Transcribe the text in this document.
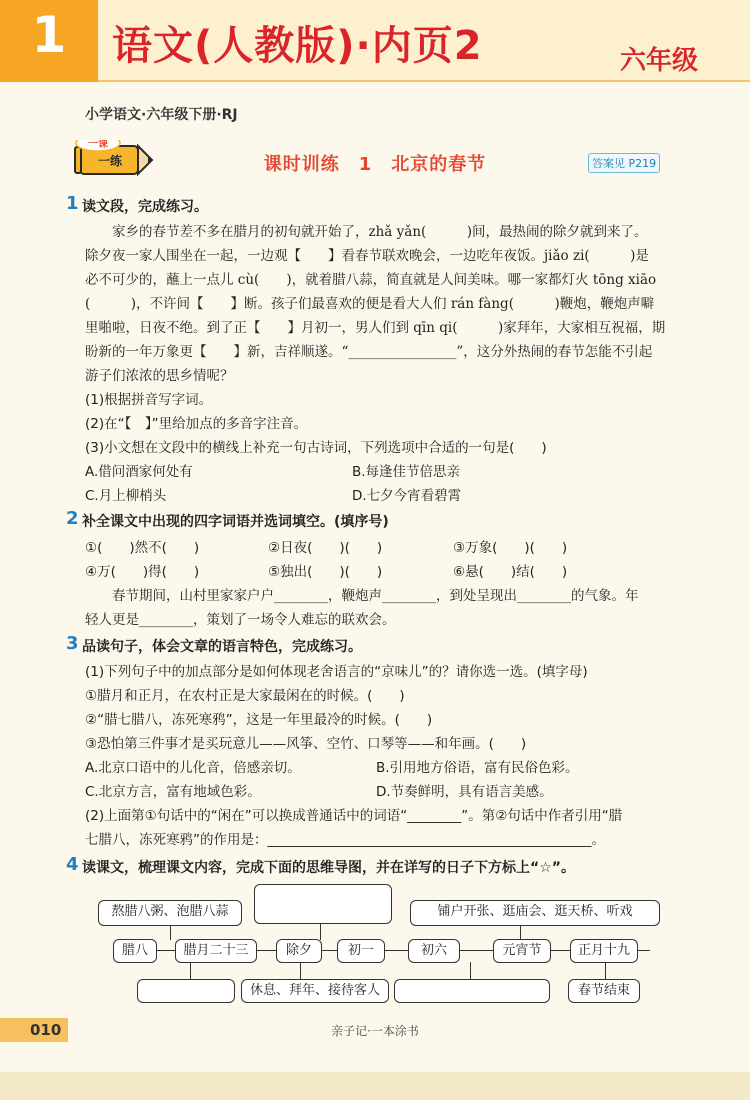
1	语文(人教版)·内页2	六年级
小学语文·六年级下册·RJ
一课
一练	课时训练　1　北京的春节	答案见 P219
1 读文段，完成练习。
　　家乡的春节差不多在腊月的初旬就开始了，zhǎ yǎn(　　　)间，最热闹的除夕就到来了。
除夕夜一家人围坐在一起，一边观【　　】看春节联欢晚会，一边吃年夜饭。jiǎo zi(　　　)是
必不可少的，蘸上一点儿 cù(　　)，就着腊八蒜，简直就是人间美味。哪一家都灯火 tōng xiāo
(　　　)，不许间【　　】断。孩子们最喜欢的便是看大人们 rán fàng(　　　)鞭炮，鞭炮声噼
里啪啦，日夜不绝。到了正【　　】月初一，男人们到 qīn qi(　　　)家拜年，大家相互祝福，期
盼新的一年万象更【　　】新，吉祥顺遂。“________________”，这分外热闹的春节怎能不引起
游子们浓浓的思乡情呢？
(1)根据拼音写字词。
(2)在“【　】”里给加点的多音字注音。
(3)小文想在文段中的横线上补充一句古诗词，下列选项中合适的一句是(　　)
A.借问酒家何处有	B.每逢佳节倍思亲
C.月上柳梢头	D.七夕今宵看碧霄
2 补全课文中出现的四字词语并选词填空。(填序号)
①(　　)然不(　　)	②日夜(　　)(　　)	③万象(　　)(　　)
④万(　　)得(　　)	⑤独出(　　)(　　)	⑥悬(　　)结(　　)
　　春节期间，山村里家家户户________，鞭炮声________，到处呈现出________的气象。年
轻人更是________，策划了一场令人难忘的联欢会。
3 品读句子，体会文章的语言特色，完成练习。
(1)下列句子中的加点部分是如何体现老舍语言的“京味儿”的？请你选一选。(填字母)
①腊月和正月，在农村正是大家最闲在的时候。(　　)
②“腊七腊八，冻死寒鸦”，这是一年里最冷的时候。(　　)
③恐怕第三件事才是买玩意儿——风筝、空竹、口琴等——和年画。(　　)
A.北京口语中的儿化音，倍感亲切。	B.引用地方俗语，富有民俗色彩。
C.北京方言，富有地域色彩。	D.节奏鲜明，具有语言美感。
(2)上面第①句话中的“闲在”可以换成普通话中的词语“________”。第②句话中作者引用“腊
七腊八，冻死寒鸦”的作用是：________________________________________________。
4 读课文，梳理课文内容，完成下面的思维导图，并在详写的日子下方标上“☆”。
熬腊八粥、泡腊八蒜	铺户开张、逛庙会、逛天桥、听戏
腊八	腊月二十三	除夕	初一	初六	元宵节	正月十九
休息、拜年、接待客人	春节结束
010	亲子记·一本涂书
